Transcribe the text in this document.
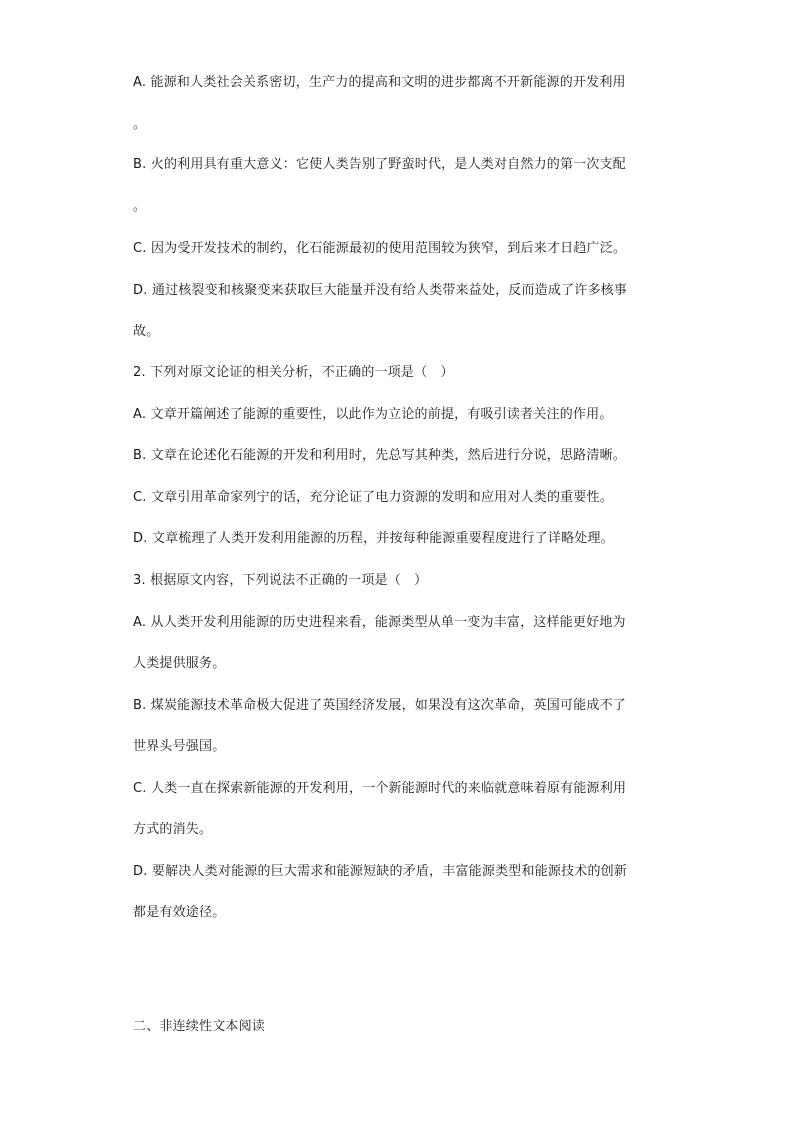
A. 能源和人类社会关系密切，生产力的提高和文明的进步都离不开新能源的开发利用
。
B. 火的利用具有重大意义：它使人类告别了野蛮时代，是人类对自然力的第一次支配
。
C. 因为受开发技术的制约，化石能源最初的使用范围较为狭窄，到后来才日趋广泛。
D. 通过核裂变和核聚变来获取巨大能量并没有给人类带来益处，反而造成了许多核事
故。
2. 下列对原文论证的相关分析，不正确的一项是（　）
A. 文章开篇阐述了能源的重要性，以此作为立论的前提，有吸引读者关注的作用。
B. 文章在论述化石能源的开发和利用时，先总写其种类，然后进行分说，思路清晰。
C. 文章引用革命家列宁的话，充分论证了电力资源的发明和应用对人类的重要性。
D. 文章梳理了人类开发利用能源的历程，并按每种能源重要程度进行了详略处理。
3. 根据原文内容，下列说法不正确的一项是（　）
A. 从人类开发利用能源的历史进程来看，能源类型从单一变为丰富，这样能更好地为
人类提供服务。
B. 煤炭能源技术革命极大促进了英国经济发展，如果没有这次革命，英国可能成不了
世界头号强国。
C. 人类一直在探索新能源的开发利用，一个新能源时代的来临就意味着原有能源利用
方式的消失。
D. 要解决人类对能源的巨大需求和能源短缺的矛盾，丰富能源类型和能源技术的创新
都是有效途径。
二、非连续性文本阅读
